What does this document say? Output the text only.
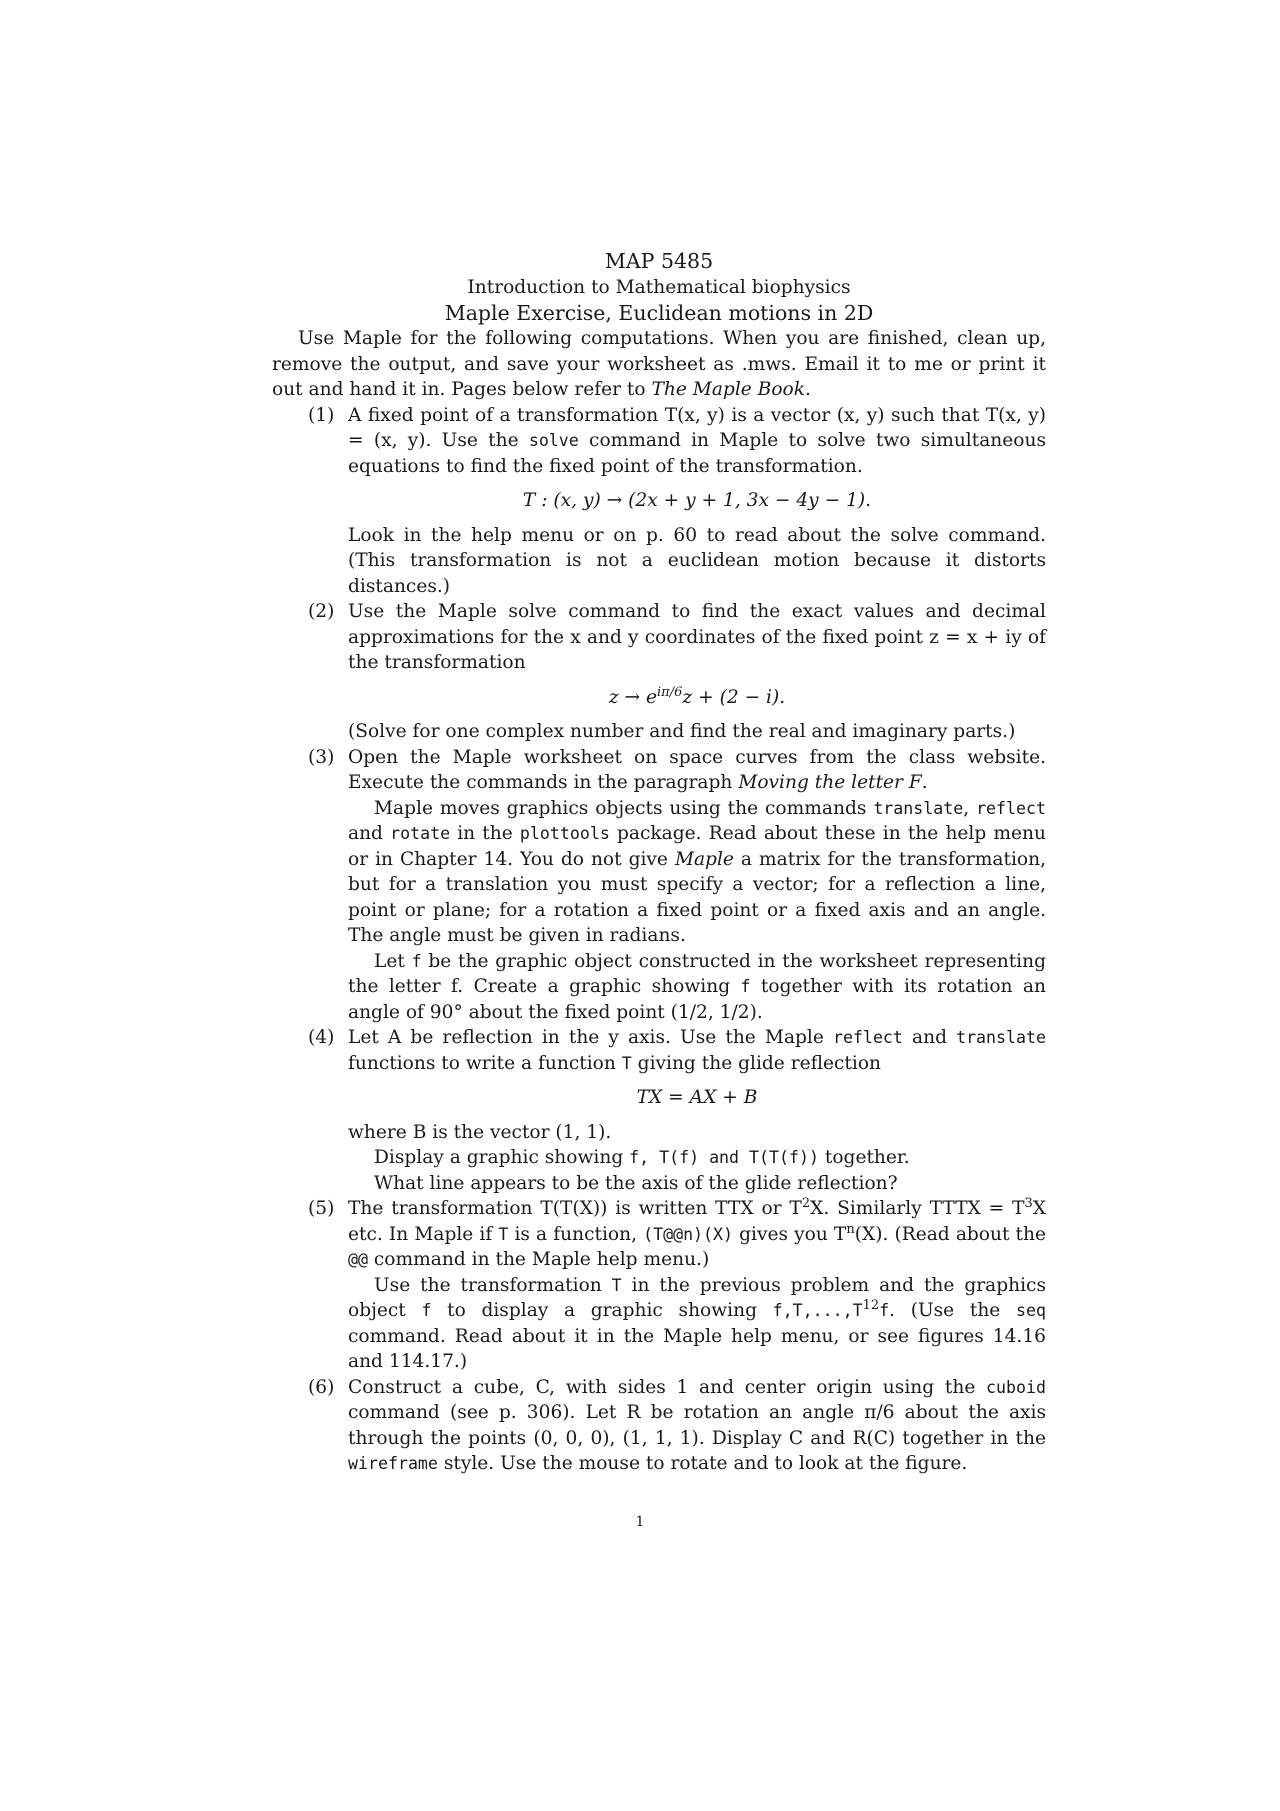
MAP 5485
Introduction to Mathematical biophysics
Maple Exercise, Euclidean motions in 2D

Use Maple for the following computations. When you are finished, clean up, remove the output, and save your worksheet as .mws. Email it to me or print it out and hand it in. Pages below refer to The Maple Book.

(1) A fixed point of a transformation T(x, y) is a vector (x, y) such that T(x, y) = (x, y). Use the solve command in Maple to solve two simultaneous equations to find the fixed point of the transformation.

T : (x, y) → (2x + y + 1, 3x − 4y − 1).

Look in the help menu or on p. 60 to read about the solve command. (This transformation is not a euclidean motion because it distorts distances.)

(2) Use the Maple solve command to find the exact values and decimal approximations for the x and y coordinates of the fixed point z = x + iy of the transformation

$z \to e^{i\pi/6}z + (2 - i)$.

(Solve for one complex number and find the real and imaginary parts.)

(3) Open the Maple worksheet on space curves from the class website. Execute the commands in the paragraph Moving the letter F.

Maple moves graphics objects using the commands translate, reflect and rotate in the plottools package. Read about these in the help menu or in Chapter 14. You do not give Maple a matrix for the transformation, but for a translation you must specify a vector; for a reflection a line, point or plane; for a rotation a fixed point or a fixed axis and an angle. The angle must be given in radians.

Let f be the graphic object constructed in the worksheet representing the letter f. Create a graphic showing f together with its rotation an angle of 90° about the fixed point (1/2, 1/2).

(4) Let A be reflection in the y axis. Use the Maple reflect and translate functions to write a function T giving the glide reflection

TX = AX + B

where B is the vector (1, 1).

Display a graphic showing f, T(f) and T(T(f)) together.

What line appears to be the axis of the glide reflection?

(5) The transformation T(T(X)) is written TTX or $T^2X$. Similarly TTTX = $T^3X$ etc. In Maple if T is a function, (T@@n)(X) gives you $T^n(X)$. (Read about the @@ command in the Maple help menu.)

Use the transformation T in the previous problem and the graphics object f to display a graphic showing $f,T,...,T^{12}f$. (Use the seq command. Read about it in the Maple help menu, or see figures 14.16 and 114.17.)

(6) Construct a cube, C, with sides 1 and center origin using the cuboid command (see p. 306). Let R be rotation an angle π/6 about the axis through the points (0, 0, 0), (1, 1, 1). Display C and R(C) together in the wireframe style. Use the mouse to rotate and to look at the figure.

1
